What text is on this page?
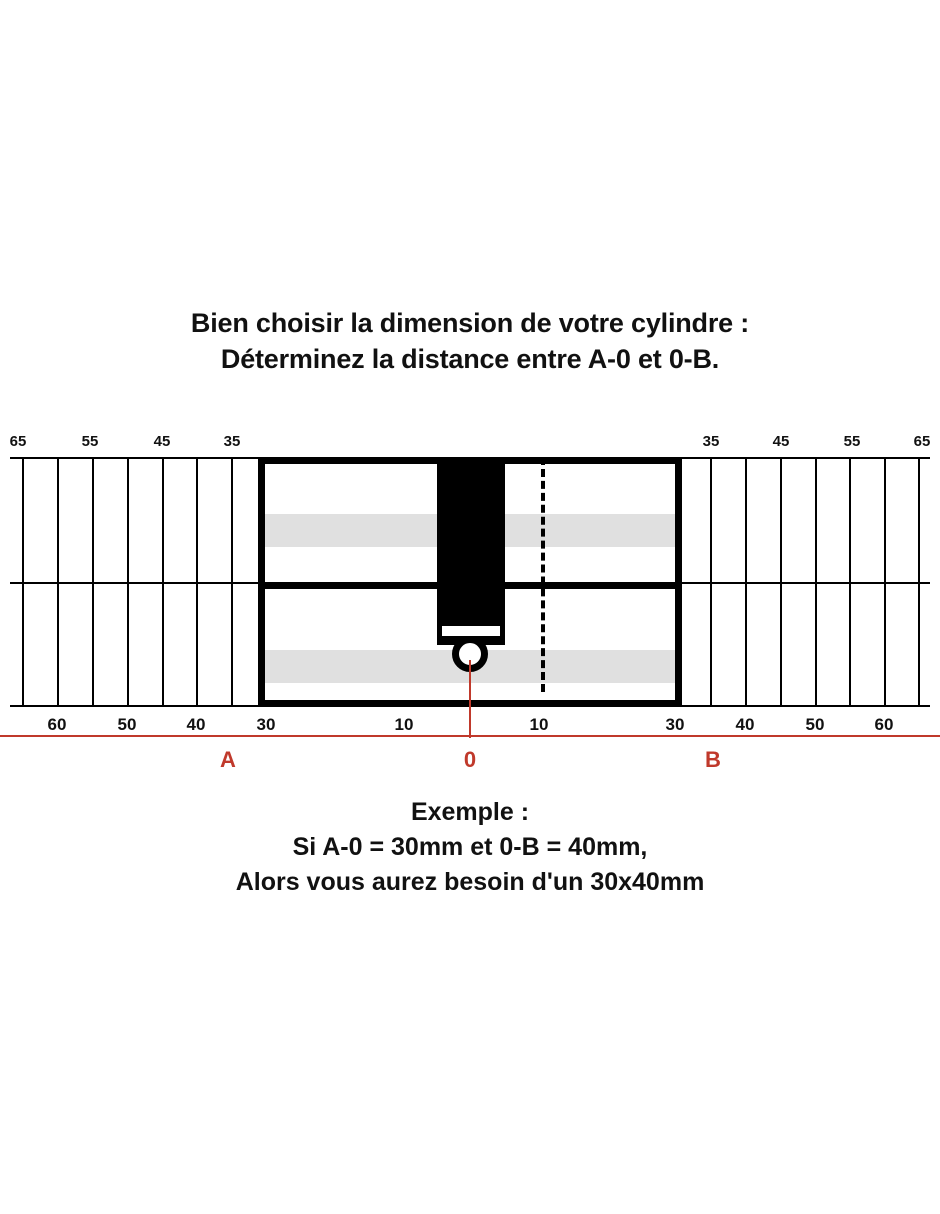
Bien choisir la dimension de votre cylindre :
Déterminez la distance entre A-0 et 0-B.
65	55	45	35	35	45	55	65
60	50	40	30	10	10	30	40	50	60
A	0	B
Exemple :
Si A-0 = 30mm et 0-B = 40mm,
Alors vous aurez besoin d'un 30x40mm
